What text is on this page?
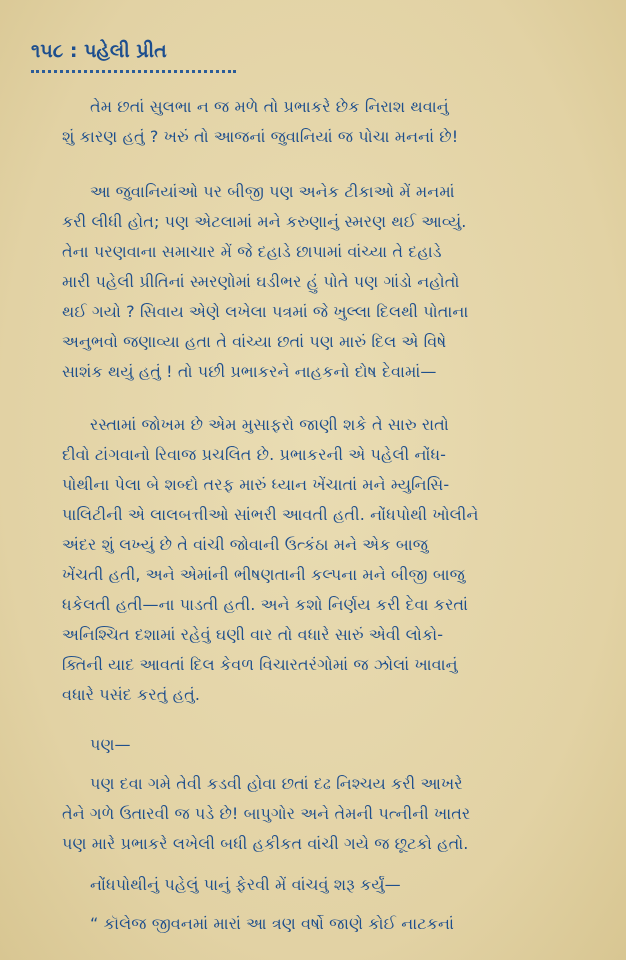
૧૫૮ : પહેલી પ્રીત
તેમ છતાં સુલભા ન જ મળે તો પ્રભાકરે છેક નિરાશ થવાનું
શું કારણ હતું ? ખરું તો આજનાં જુવાનિયાં જ પોચા મનનાં છે!
આ જુવાનિયાંઓ પર બીજી પણ અનેક ટીકાઓ મેં મનમાં
કરી લીધી હોત; પણ એટલામાં મને કરુણાનું સ્મરણ થઈ આવ્યું.
તેના પરણવાના સમાચાર મેં જે દહાડે છાપામાં વાંચ્યા તે દહાડે
મારી પહેલી પ્રીતિનાં સ્મરણોમાં ઘડીભર હું પોતે પણ ગાંડો નહોતો
થઈ ગયો ? સિવાય એણે લખેલા પત્રમાં જે ખુલ્લા દિલથી પોતાના
અનુભવો જણાવ્યા હતા તે વાંચ્યા છતાં પણ મારું દિલ એ વિષે
સાશંક થયું હતું ! તો પછી પ્રભાકરને નાહકનો દોષ દેવામાં—
રસ્તામાં જોખમ છે એમ મુસાફરો જાણી શકે તે સારુ રાતો
દીવો ટાંગવાનો રિવાજ પ્રચલિત છે. પ્રભાકરની એ પહેલી નોંધ-
પોથીના પેલા બે શબ્દો તરફ મારું ધ્યાન ખેંચાતાં મને મ્યુનિસિ-
પાલિટીની એ લાલબત્તીઓ સાંભરી આવતી હતી. નોંધપોથી ખોલીને
અંદર શું લખ્યું છે તે વાંચી જોવાની ઉત્કંઠા મને એક બાજુ
ખેંચતી હતી, અને એમાંની ભીષણતાની કલ્પના મને બીજી બાજુ
ધકેલતી હતી—ના પાડતી હતી. અને કશો નિર્ણય કરી દેવા કરતાં
અનિશ્ચિત દશામાં રહેવું ઘણી વાર તો વધારે સારું એવી લોકો-
ક્તિની યાદ આવતાં દિલ કેવળ વિચારતરંગોમાં જ ઝોલાં ખાવાનું
વધારે પસંદ કરતું હતું.
પણ—
પણ દવા ગમે તેવી કડવી હોવા છતાં દઢ નિશ્ચય કરી આખરે
તેને ગળે ઉતારવી જ પડે છે! બાપુગોર અને તેમની પત્નીની ખાતર
પણ મારે પ્રભાકરે લખેલી બધી હકીકત વાંચી ગયે જ છૂટકો હતો.
નોંધપોથીનું પહેલું પાનું ફેરવી મેં વાંચવું શરૂ કર્યું—
“ કૉલેજ જીવનમાં મારાં આ ત્રણ વર્ષો જાણે કોઈ નાટકનાં
